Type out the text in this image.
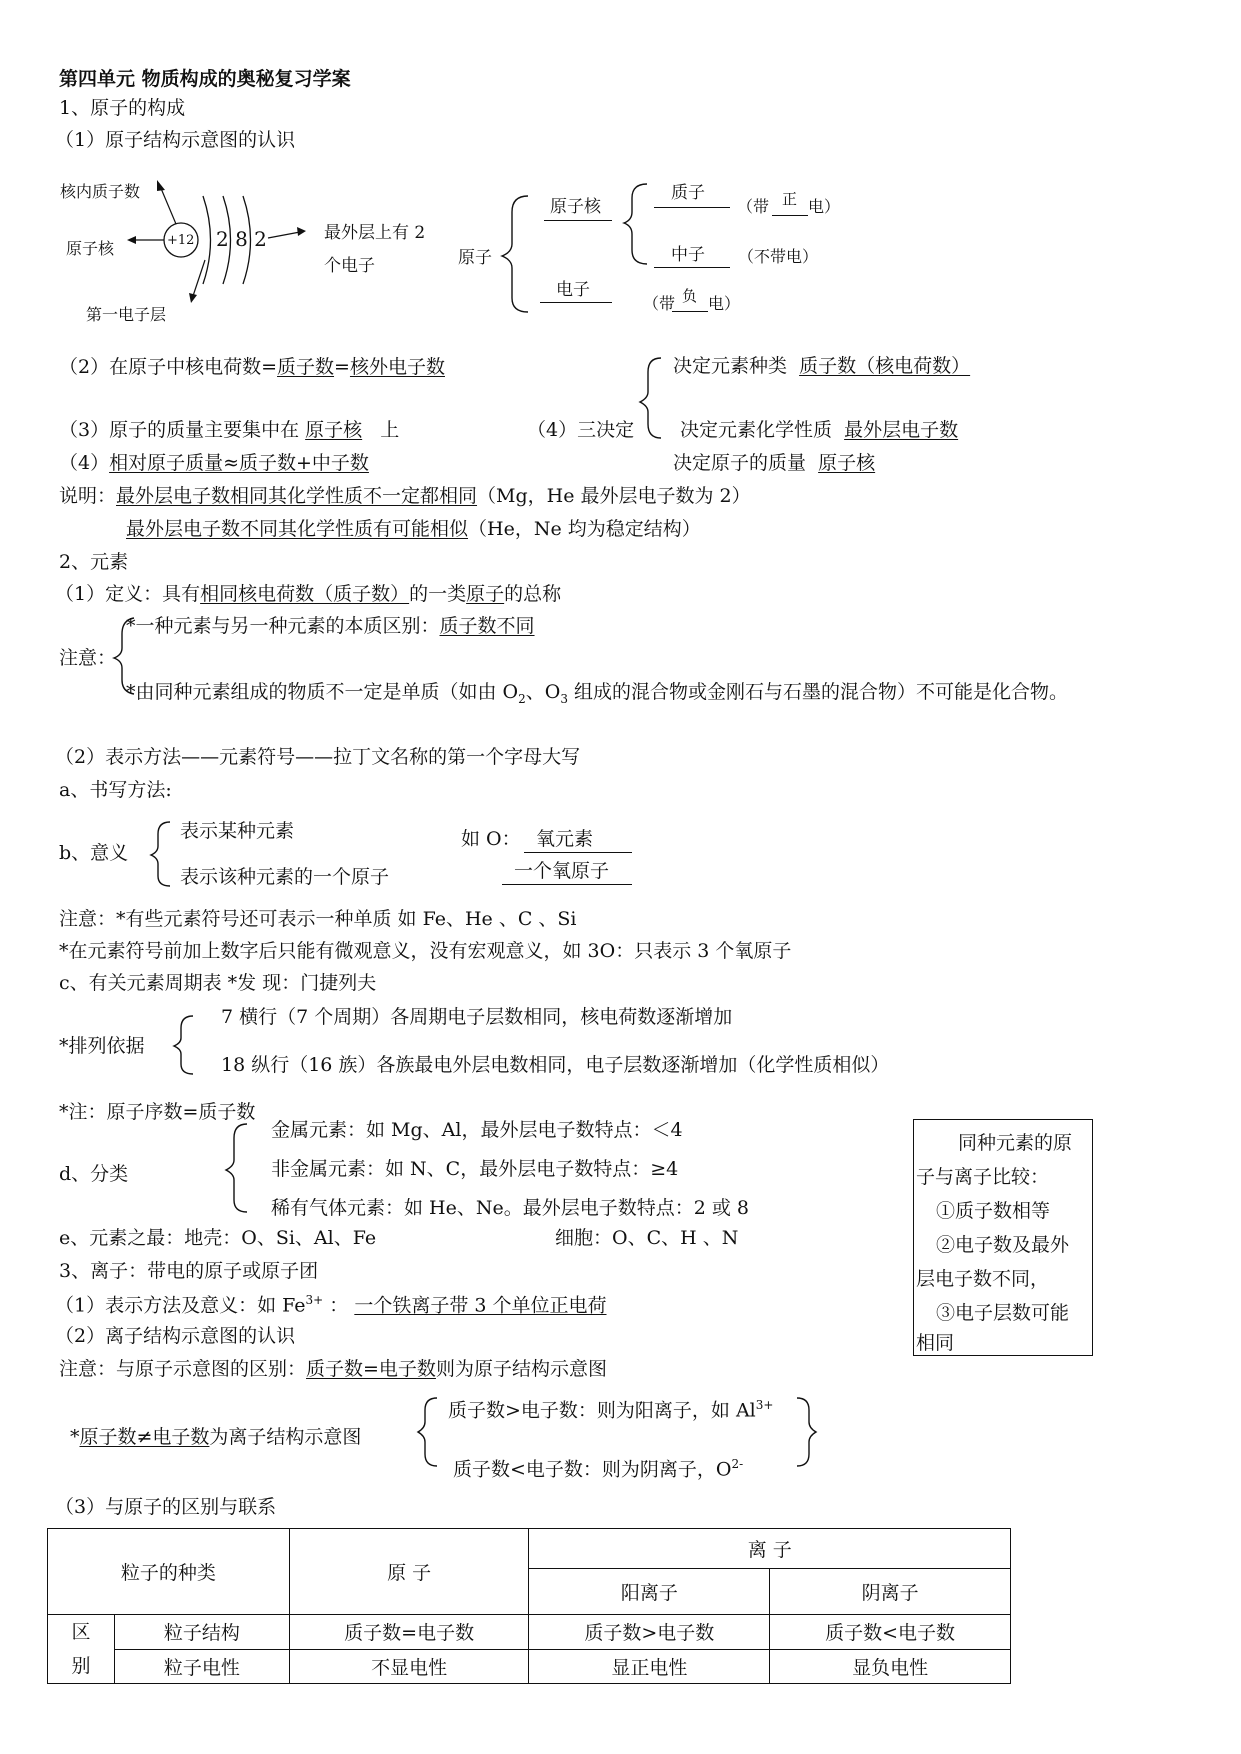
第四单元 物质构成的奥秘复习学案
1、原子的构成
（1）原子结构示意图的认识
核内质子数
原子核
第一电子层
+12 2 8 2	最外层上有 2
个电子	原子
原子核
质子
（带 正 电）
中子 （不带电）
电子
（带 负 电）
（2）在原子中核电荷数=质子数=核外电子数
（3）原子的质量主要集中在 原子核 上
（4）相对原子质量≈质子数+中子数
（4）三决定
决定元素种类 质子数（核电荷数）
决定元素化学性质 最外层电子数
决定原子的质量 原子核
说明：最外层电子数相同其化学性质不一定都相同（Mg，He 最外层电子数为 2）
最外层电子数不同其化学性质有可能相似（He，Ne 均为稳定结构）
2、元素
（1）定义：具有相同核电荷数（质子数）的一类原子的总称
注意：
*一种元素与另一种元素的本质区别：质子数不同
*由同种元素组成的物质不一定是单质（如由 $O_2$、$O_3$ 组成的混合物或金刚石与石墨的混合物）不可能是化合物。
（2）表示方法——元素符号——拉丁文名称的第一个字母大写
a、书写方法:
b、意义
表示某种元素
表示该种元素的一个原子
如 O： 氧元素
一个氧原子
注意：*有些元素符号还可表示一种单质 如 Fe、He 、C 、Si
*在元素符号前加上数字后只能有微观意义，没有宏观意义，如 3O：只表示 3 个氧原子
c、有关元素周期表 *发 现：门捷列夫
*排列依据
7 横行（7 个周期）各周期电子层数相同，核电荷数逐渐增加
18 纵行（16 族）各族最电外层电数相同，电子层数逐渐增加（化学性质相似）
*注：原子序数=质子数
d、分类
金属元素：如 Mg、Al，最外层电子数特点：＜4
非金属元素：如 N、C，最外层电子数特点：≥4
稀有气体元素：如 He、Ne。最外层电子数特点：2 或 8
e、元素之最：地壳：O、Si、Al、Fe	细胞：O、C、H 、N
同种元素的原
子与离子比较：
①质子数相等
②电子数及最外
层电子数不同，
③电子层数可能
相同
3、离子：带电的原子或原子团
（1）表示方法及意义：如 $Fe^{3+}$ ： 一个铁离子带 3 个单位正电荷
（2）离子结构示意图的认识
注意：与原子示意图的区别：质子数=电子数则为原子结构示意图
*原子数≠电子数为离子结构示意图
质子数>电子数：则为阳离子，如 $Al^{3+}$
质子数<电子数：则为阴离子，$O^{2-}$
（3）与原子的区别与联系
粒子的种类		原 子	离 子	
			阳离子	阴离子

区
别	粒子结构	质子数=电子数	质子数>电子数	质子数<电子数
	粒子电性	不显电性	显正电性	显负电性
